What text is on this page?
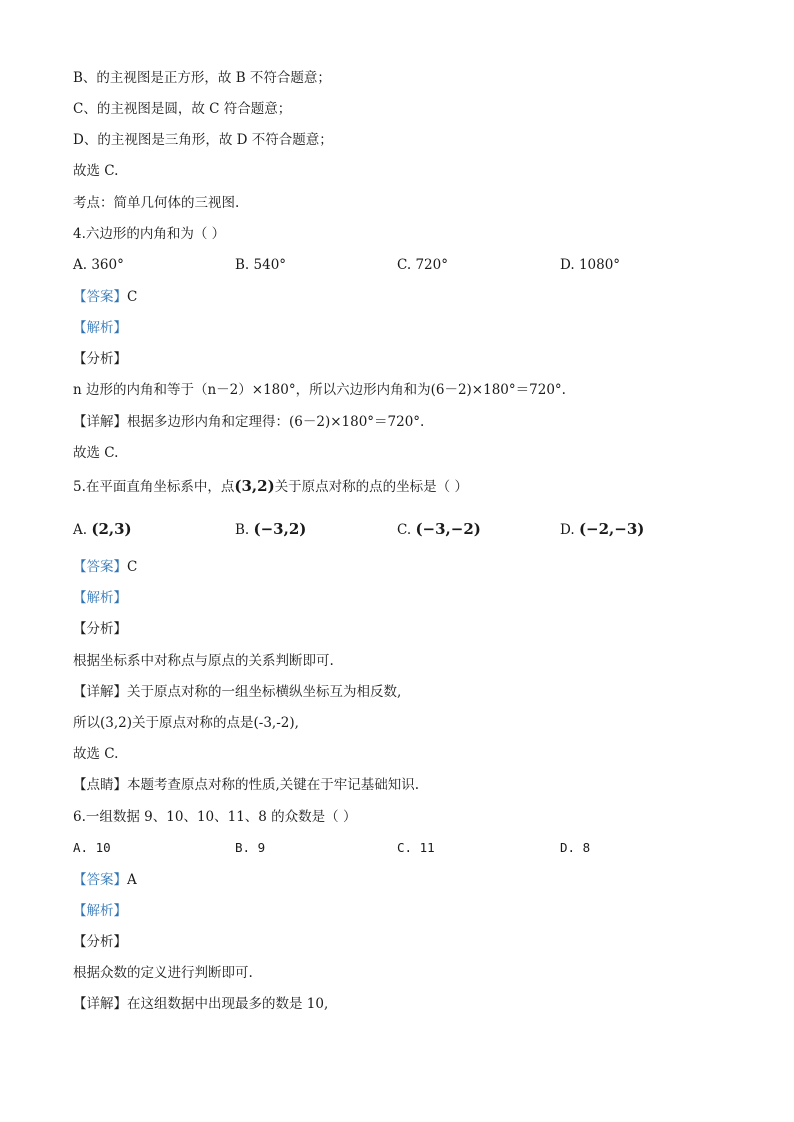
B、的主视图是正方形，故 B 不符合题意；
C、的主视图是圆，故 C 符合题意；
D、的主视图是三角形，故 D 不符合题意；
故选 C.
考点：简单几何体的三视图.
4.六边形的内角和为（ ）
A. 360°	B. 540°	C. 720°	D. 1080°
【答案】C
【解析】
【分析】
n 边形的内角和等于（n－2）×180°，所以六边形内角和为(6－2)×180°＝720°.
【详解】根据多边形内角和定理得：(6－2)×180°＝720°.
故选 C.
5.在平面直角坐标系中，点(3,2)关于原点对称的点的坐标是（ ）
A. (2,3)	B. (−3,2)	C. (−3,−2)	D. (−2,−3)
【答案】C
【解析】
【分析】
根据坐标系中对称点与原点的关系判断即可.
【详解】关于原点对称的一组坐标横纵坐标互为相反数,
所以(3,2)关于原点对称的点是(-3,-2),
故选 C.
【点睛】本题考查原点对称的性质,关键在于牢记基础知识.
6.一组数据 9、10、10、11、8 的众数是（ ）
A. 10	B. 9	C. 11	D. 8
【答案】A
【解析】
【分析】
根据众数的定义进行判断即可.
【详解】在这组数据中出现最多的数是 10,
